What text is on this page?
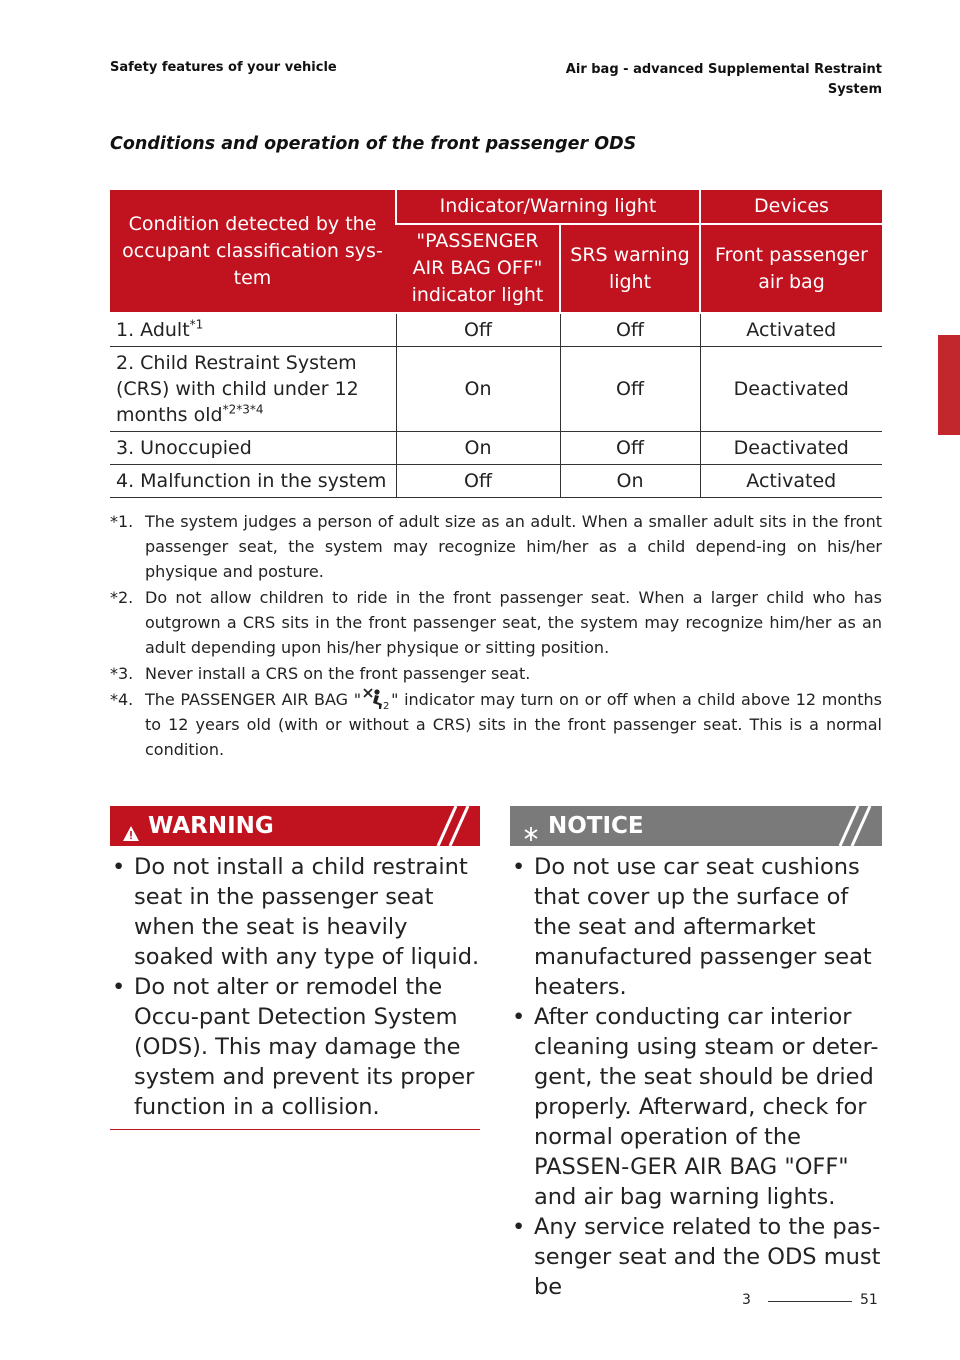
Safety features of your vehicle	Air bag - advanced Supplemental Restraint
System
Conditions and operation of the front passenger ODS
3
Condition detected by the occupant classification sys-tem	Indicator/Warning light		Devices
	"PASSENGER AIR BAG OFF" indicator light	SRS warning light	Front passenger air bag
1. Adult$^{*1}$	Off	Off	Activated
2. Child Restraint System (CRS) with child under 12 months old$^{*2*3*4}$	On	Off	Deactivated
3. Unoccupied	On	Off	Deactivated
4. Malfunction in the system	Off	On	Activated
*1. The system judges a person of adult size as an adult. When a smaller adult sits in the front passenger seat, the system may recognize him/her as a child depend-ing on his/her physique and posture.
*2. Do not allow children to ride in the front passenger seat. When a larger child who has outgrown a CRS sits in the front passenger seat, the system may recognize him/her as an adult depending upon his/her physique or sitting position.
*3. Never install a CRS on the front passenger seat.
*4. The PASSENGER AIR BAG " 2 " indicator may turn on or off when a child above 12 months to 12 years old (with or without a CRS) sits in the front passenger seat. This is a normal condition.
WARNING
• Do not install a child restraint seat in the passenger seat when the seat is heavily soaked with any type of liquid.
• Do not alter or remodel the Occu-pant Detection System (ODS). This may damage the system and prevent its proper function in a collision.
NOTICE
• Do not use car seat cushions that cover up the surface of the seat and aftermarket manufactured passenger seat heaters.
• After conducting car interior cleaning using steam or deter-gent, the seat should be dried properly. Afterward, check for normal operation of the PASSEN-GER AIR BAG "OFF" and air bag warning lights.
• Any service related to the pas-senger seat and the ODS must be	3	51
